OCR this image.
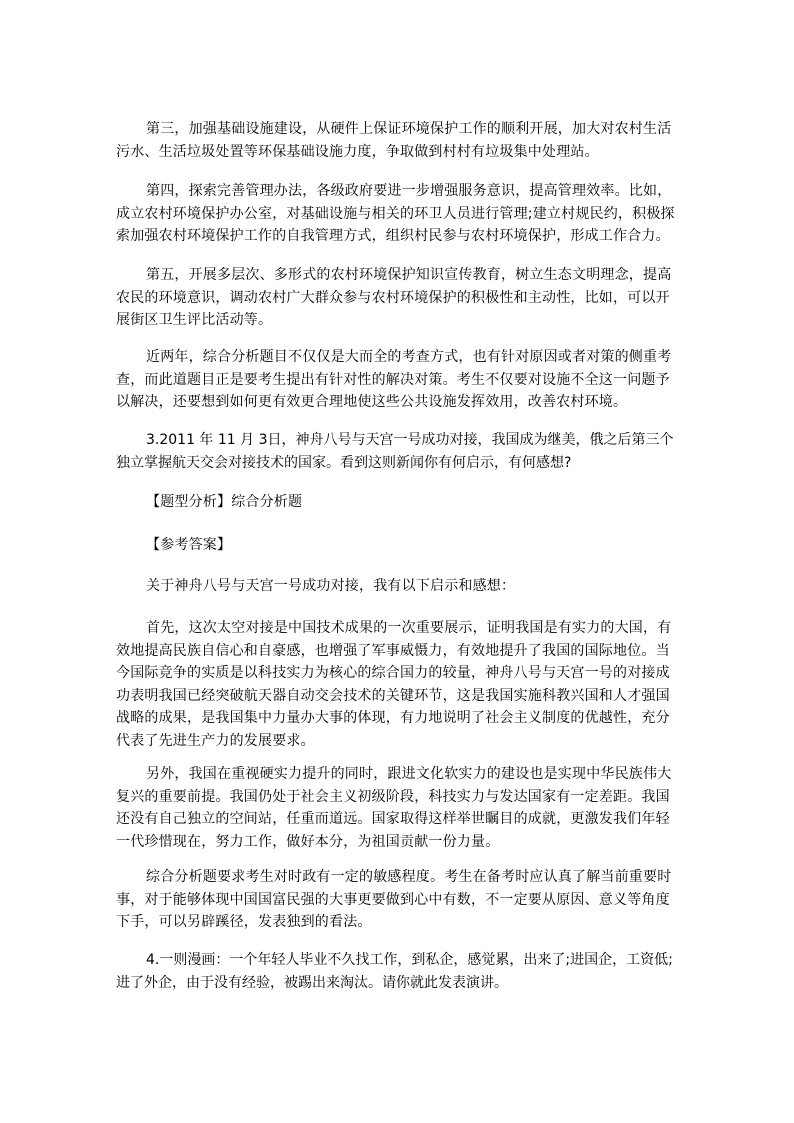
第三，加强基础设施建设，从硬件上保证环境保护工作的顺利开展，加大对农村生活污水、生活垃圾处置等环保基础设施力度，争取做到村村有垃圾集中处理站。

第四，探索完善管理办法，各级政府要进一步增强服务意识，提高管理效率。比如，成立农村环境保护办公室，对基础设施与相关的环卫人员进行管理;建立村规民约，积极探索加强农村环境保护工作的自我管理方式，组织村民参与农村环境保护，形成工作合力。

第五，开展多层次、多形式的农村环境保护知识宣传教育，树立生态文明理念，提高农民的环境意识，调动农村广大群众参与农村环境保护的积极性和主动性，比如，可以开展街区卫生评比活动等。

近两年，综合分析题目不仅仅是大而全的考查方式，也有针对原因或者对策的侧重考查，而此道题目正是要考生提出有针对性的解决对策。考生不仅要对设施不全这一问题予以解决，还要想到如何更有效更合理地使这些公共设施发挥效用，改善农村环境。

3.2011 年 11 月 3日，神舟八号与天宫一号成功对接，我国成为继美，俄之后第三个独立掌握航天交会对接技术的国家。看到这则新闻你有何启示，有何感想?

【题型分析】综合分析题

【参考答案】

关于神舟八号与天宫一号成功对接，我有以下启示和感想：

首先，这次太空对接是中国技术成果的一次重要展示，证明我国是有实力的大国，有效地提高民族自信心和自豪感，也增强了军事威慑力，有效地提升了我国的国际地位。当今国际竞争的实质是以科技实力为核心的综合国力的较量，神舟八号与天宫一号的对接成功表明我国已经突破航天器自动交会技术的关键环节，这是我国实施科教兴国和人才强国战略的成果，是我国集中力量办大事的体现，有力地说明了社会主义制度的优越性，充分代表了先进生产力的发展要求。

另外，我国在重视硬实力提升的同时，跟进文化软实力的建设也是实现中华民族伟大复兴的重要前提。我国仍处于社会主义初级阶段，科技实力与发达国家有一定差距。我国还没有自己独立的空间站，任重而道远。国家取得这样举世瞩目的成就，更激发我们年轻一代珍惜现在，努力工作，做好本分，为祖国贡献一份力量。

综合分析题要求考生对时政有一定的敏感程度。考生在备考时应认真了解当前重要时事，对于能够体现中国国富民强的大事更要做到心中有数，不一定要从原因、意义等角度下手，可以另辟蹊径，发表独到的看法。

4.一则漫画：一个年轻人毕业不久找工作，到私企，感觉累，出来了;进国企，工资低;进了外企，由于没有经验，被踢出来淘汰。请你就此发表演讲。
